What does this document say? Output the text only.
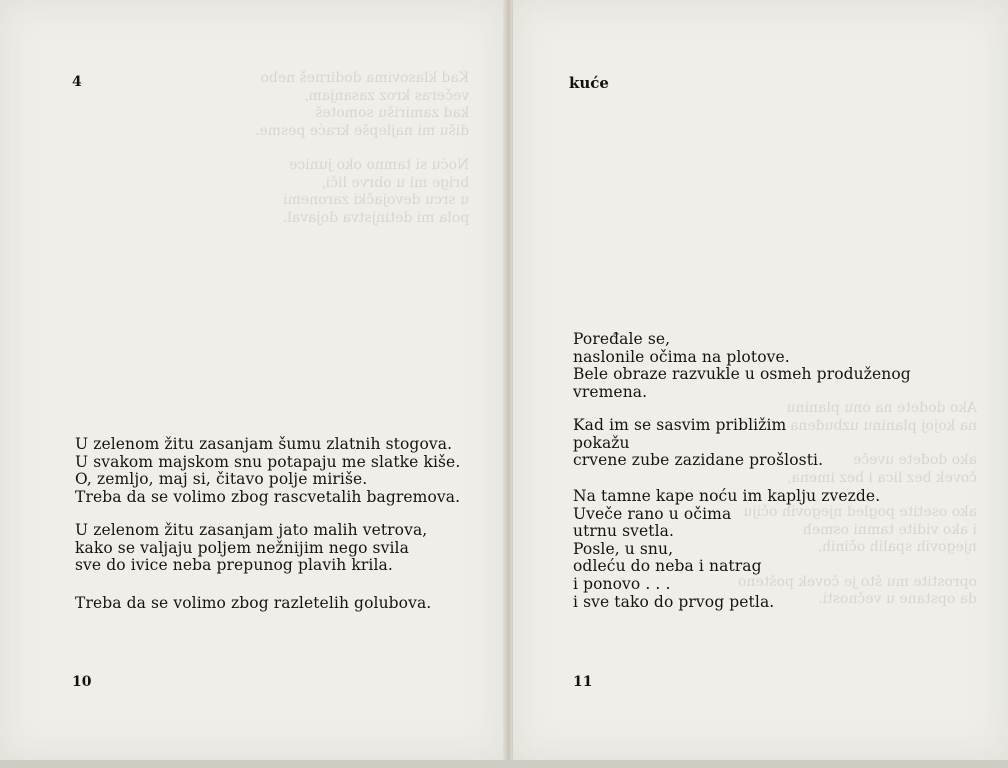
Kad klasovima dodirneš nebo
večeras kroz zasanjam,
kad zamirišu somoteš
dišu mi najlepše kraće pesme.
Noću si tamno oko junice
brige mi u obrve liči,
u srcu devojački zaronemi
pola mi detinjstva dojaval.
4
U zelenom žitu zasanjam šumu zlatnih stogova.
U svakom majskom snu potapaju me slatke kiše.
O, zemljo, maj si, čitavo polje miriše.
Treba da se volimo zbog rascvetalih bagremova.
U zelenom žitu zasanjam jato malih vetrova,
kako se valjaju poljem nežnijim nego svila
sve do ivice neba prepunog plavih krila.
Treba da se volimo zbog razletelih golubova.
10
Ako dođete na onu planinu
na kojoj planinu uzbuđena
ako dođete uveče
čovek bez lica i bez imena,
ako osetite pogled njegovih očiju
i ako vidite tamni osmeh
njegovih spalih očinih,
oprostite mu što je čovek pošteno
da opstane u večnosti.
kuće
Poređale se,
naslonile očima na plotove.
Bele obraze razvukle u osmeh produženog
vremena.
Kad im se sasvim približim
pokažu
crvene zube zazidane prošlosti.
Na tamne kape noću im kaplju zvezde.
Uveče rano u očima
utrnu svetla.
Posle, u snu,
odleću do neba i natrag
i ponovo . . .
i sve tako do prvog petla.
11
